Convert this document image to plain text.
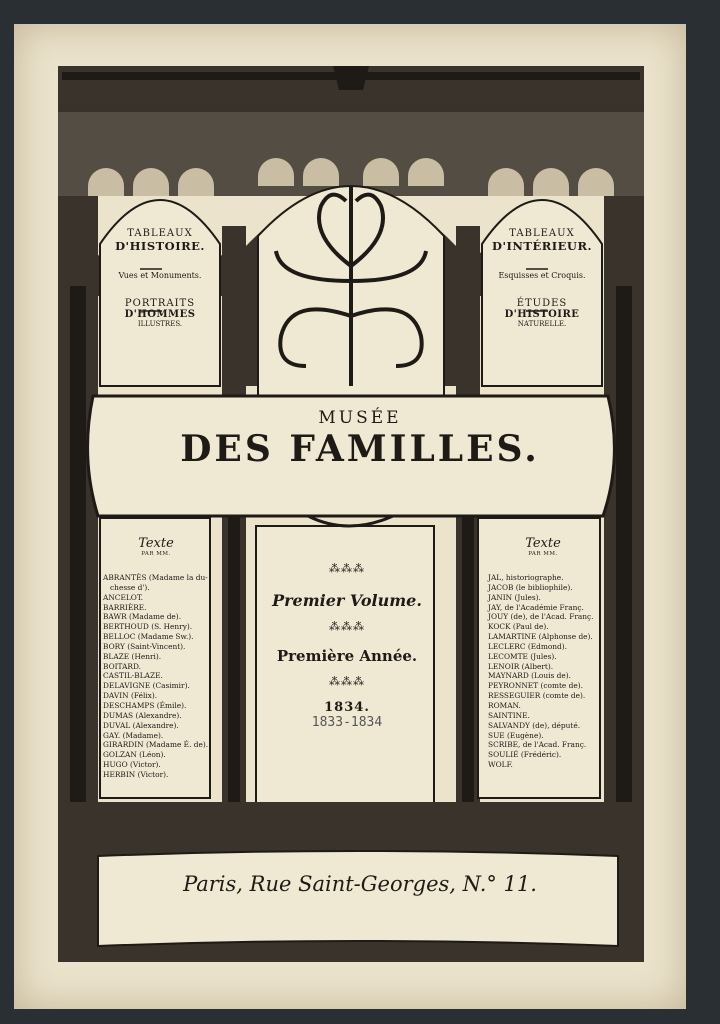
TABLEAUX
D'HISTOIRE.
Vues et Monuments.
PORTRAITS
D'HOMMES
ILLUSTRES.
TABLEAUX
D'INTÉRIEUR.
Esquisses et Croquis.
ÉTUDES
D'HISTOIRE
NATURELLE.
MUSÉE
DES FAMILLES.
⁂⁂⁂
Premier Volume.
⁂⁂⁂
Première Année.
⁂⁂⁂
1834.
1833-1834
Texte
PAR MM.
ABRANTÈS (Madame la du-
chesse d').
ANCELOT.
BARRIÈRE.
BAWR (Madame de).
BERTHOUD (S. Henry).
BELLOC (Madame Sw.).
BORY (Saint-Vincent).
BLAZE (Henri).
BOITARD.
CASTIL-BLAZE.
DELAVIGNE (Casimir).
DAVIN (Félix).
DESCHAMPS (Émile).
DUMAS (Alexandre).
DUVAL (Alexandre).
GAY. (Madame).
GIRARDIN (Madame É. de).
GOLZAN (Léon).
HUGO (Victor).
HERBIN (Victor).
Texte
PAR MM.
JAL, historiographe.
JACOB (le bibliophile).
JANIN (Jules).
JAY, de l'Académie Franç.
JOUY (de), de l'Acad. Franç.
KOCK (Paul de).
LAMARTINE (Alphonse de).
LECLERC (Edmond).
LECOMTE (Jules).
LENOIR (Albert).
MAYNARD (Louis de).
PEYRONNET (comte de).
RESSEGUIER (comte de).
ROMAN.
SAINTINE.
SALVANDY (de), député.
SUE (Eugène).
SCRIBE, de l'Acad. Franç.
SOULIÉ (Frédéric).
WOLF.
Paris, Rue Saint-Georges, N.° 11.
